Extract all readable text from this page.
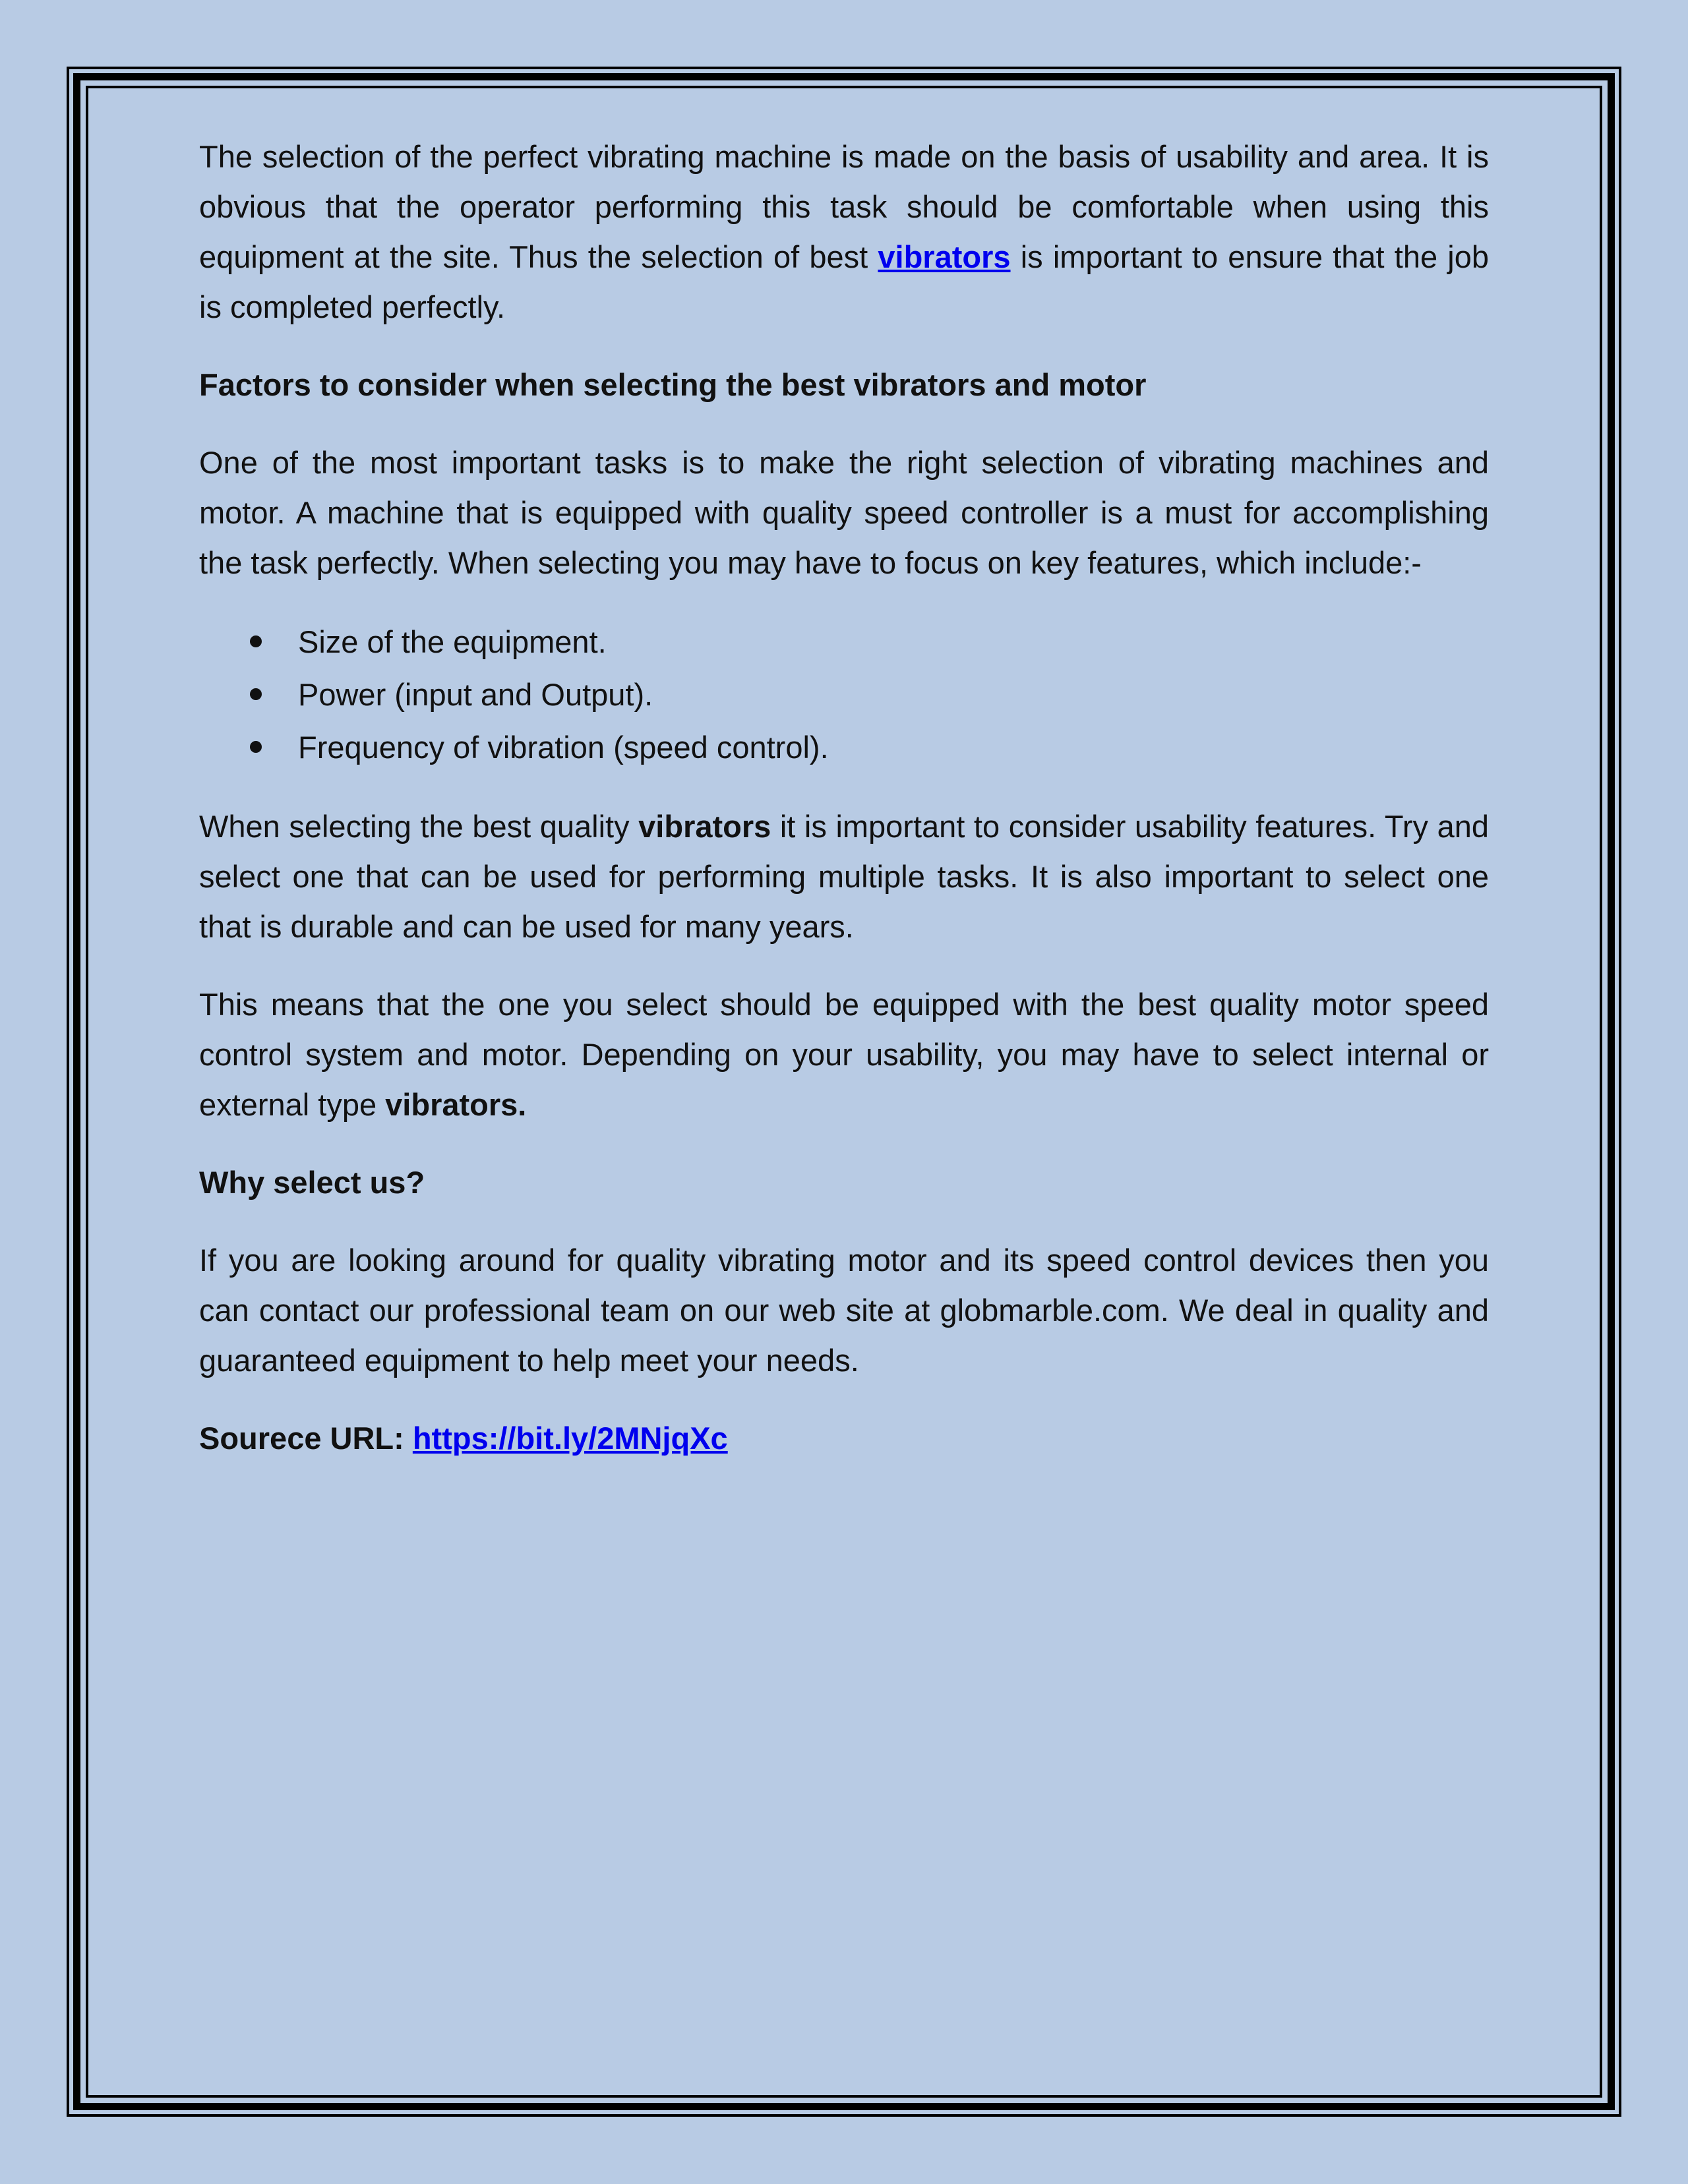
The selection of the perfect vibrating machine is made on the basis of usability and area. It is obvious that the operator performing this task should be comfortable when using this equipment at the site. Thus the selection of best vibrators is important to ensure that the job is completed perfectly.

Factors to consider when selecting the best vibrators and motor

One of the most important tasks is to make the right selection of vibrating machines and motor. A machine that is equipped with quality speed controller is a must for accomplishing the task perfectly. When selecting you may have to focus on key features, which include:-

Size of the equipment.
Power (input and Output).
Frequency of vibration (speed control).

When selecting the best quality vibrators it is important to consider usability features. Try and select one that can be used for performing multiple tasks. It is also important to select one that is durable and can be used for many years.

This means that the one you select should be equipped with the best quality motor speed control system and motor. Depending on your usability, you may have to select internal or external type vibrators.

Why select us?

If you are looking around for quality vibrating motor and its speed control devices then you can contact our professional team on our web site at globmarble.com. We deal in quality and guaranteed equipment to help meet your needs.

Sourece URL: https://bit.ly/2MNjqXc
